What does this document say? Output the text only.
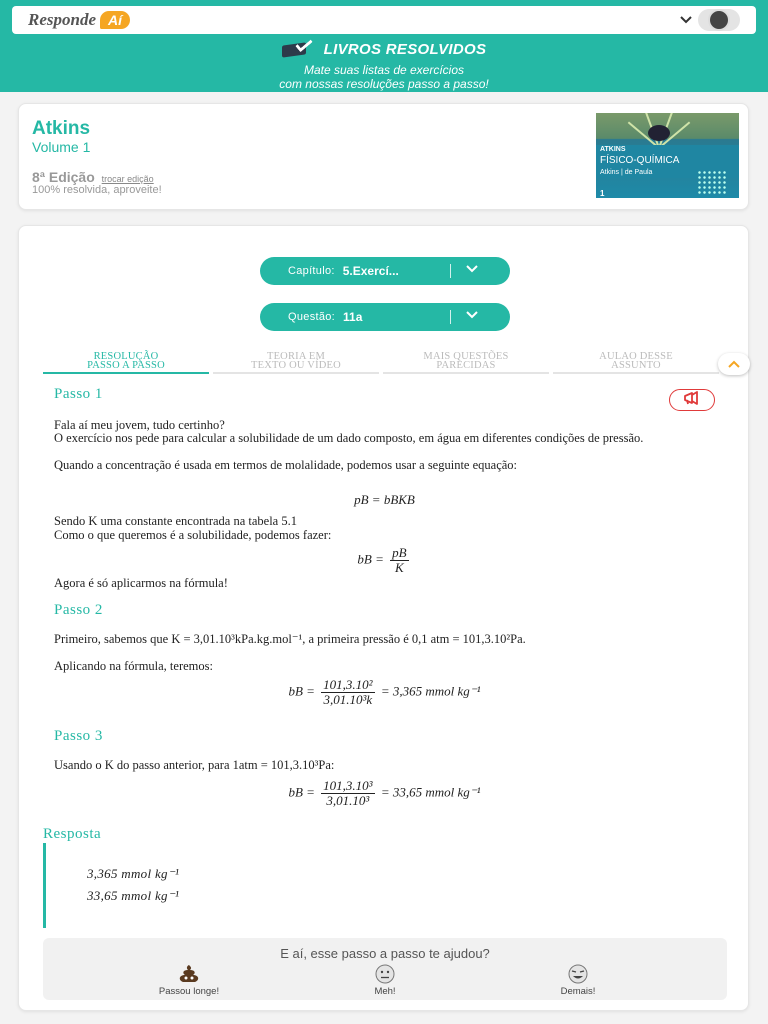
Responde Aí
LIVROS RESOLVIDOS
Mate suas listas de exercícios
com nossas resoluções passo a passo!
Atkins
Volume 1
8ª Edição trocar edição
100% resolvida, aproveite!
ATKINS
FÍSICO-QUÍMICA
Atkins | de Paula
1
Capítulo: 5.Exercí...
Questão: 11a
RESOLUÇÃO
PASSO A PASSO
TEORIA EM
TEXTO OU VÍDEO
MAIS QUESTÕES
PARECIDAS
AULÃO DESSE
ASSUNTO
Passo 1
Fala aí meu jovem, tudo certinho?
O exercício nos pede para calcular a solubilidade de um dado composto, em água em diferentes condições de pressão.
Quando a concentração é usada em termos de molalidade, podemos usar a seguinte equação:
pB = bBKB
Sendo K uma constante encontrada na tabela 5.1
Como o que queremos é a solubilidade, podemos fazer:
bB = $\frac{pB}{K}$
Agora é só aplicarmos na fórmula!
Passo 2
Primeiro, sabemos que K = 3,01.10³kPa.kg.mol⁻¹, a primeira pressão é 0,1 atm = 101,3.10²Pa.
Aplicando na fórmula, teremos:
bB = $\frac{\text{101,3.10²}}{\text{3,01.10³k}} = 3,365$ mmol kg⁻¹
Passo 3
Usando o K do passo anterior, para 1atm = 101,3.10³Pa:
bB = $\frac{\text{101,3.10³}}{\text{3,01.10³}} = 33,65$ mmol kg⁻¹
Resposta
3,365 mmol kg⁻¹
33,65 mmol kg⁻¹
E aí, esse passo a passo te ajudou?
Passou longe!	Meh!	Demais!
